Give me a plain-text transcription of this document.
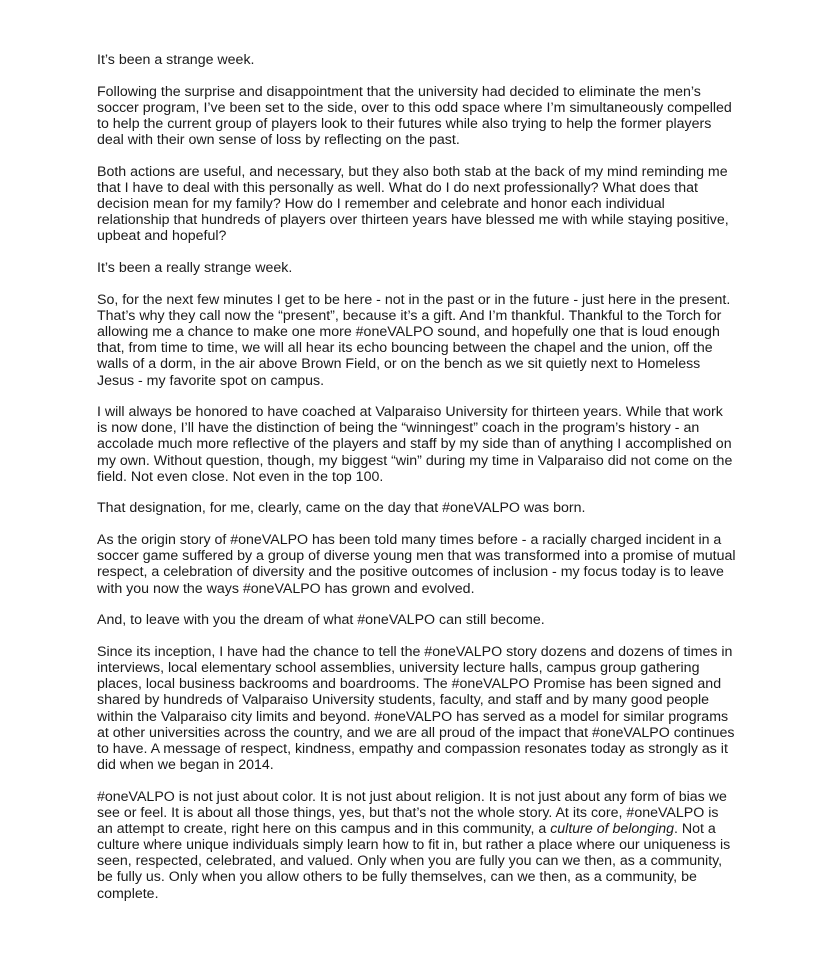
It’s been a strange week.

Following the surprise and disappointment that the university had decided to eliminate the men’s soccer program, I’ve been set to the side, over to this odd space where I’m simultaneously compelled to help the current group of players look to their futures while also trying to help the former players deal with their own sense of loss by reflecting on the past.

Both actions are useful, and necessary, but they also both stab at the back of my mind reminding me that I have to deal with this personally as well. What do I do next professionally? What does that decision mean for my family? How do I remember and celebrate and honor each individual relationship that hundreds of players over thirteen years have blessed me with while staying positive, upbeat and hopeful?

It’s been a really strange week.

So, for the next few minutes I get to be here - not in the past or in the future - just here in the present. That’s why they call now the “present”, because it’s a gift. And I’m thankful. Thankful to the Torch for allowing me a chance to make one more #oneVALPO sound, and hopefully one that is loud enough that, from time to time, we will all hear its echo bouncing between the chapel and the union, off the walls of a dorm, in the air above Brown Field, or on the bench as we sit quietly next to Homeless Jesus - my favorite spot on campus.

I will always be honored to have coached at Valparaiso University for thirteen years. While that work is now done, I’ll have the distinction of being the “winningest” coach in the program’s history - an accolade much more reflective of the players and staff by my side than of anything I accomplished on my own. Without question, though, my biggest “win” during my time in Valparaiso did not come on the field. Not even close. Not even in the top 100.

That designation, for me, clearly, came on the day that #oneVALPO was born.

As the origin story of #oneVALPO has been told many times before - a racially charged incident in a soccer game suffered by a group of diverse young men that was transformed into a promise of mutual respect, a celebration of diversity and the positive outcomes of inclusion - my focus today is to leave with you now the ways #oneVALPO has grown and evolved.

And, to leave with you the dream of what #oneVALPO can still become.

Since its inception, I have had the chance to tell the #oneVALPO story dozens and dozens of times in interviews, local elementary school assemblies, university lecture halls, campus group gathering places, local business backrooms and boardrooms. The #oneVALPO Promise has been signed and shared by hundreds of Valparaiso University students, faculty, and staff and by many good people within the Valparaiso city limits and beyond. #oneVALPO has served as a model for similar programs at other universities across the country, and we are all proud of the impact that #oneVALPO continues to have. A message of respect, kindness, empathy and compassion resonates today as strongly as it did when we began in 2014.

#oneVALPO is not just about color. It is not just about religion. It is not just about any form of bias we see or feel. It is about all those things, yes, but that’s not the whole story. At its core, #oneVALPO is an attempt to create, right here on this campus and in this community, a culture of belonging. Not a culture where unique individuals simply learn how to fit in, but rather a place where our uniqueness is seen, respected, celebrated, and valued. Only when you are fully you can we then, as a community, be fully us. Only when you allow others to be fully themselves, can we then, as a community, be complete.
